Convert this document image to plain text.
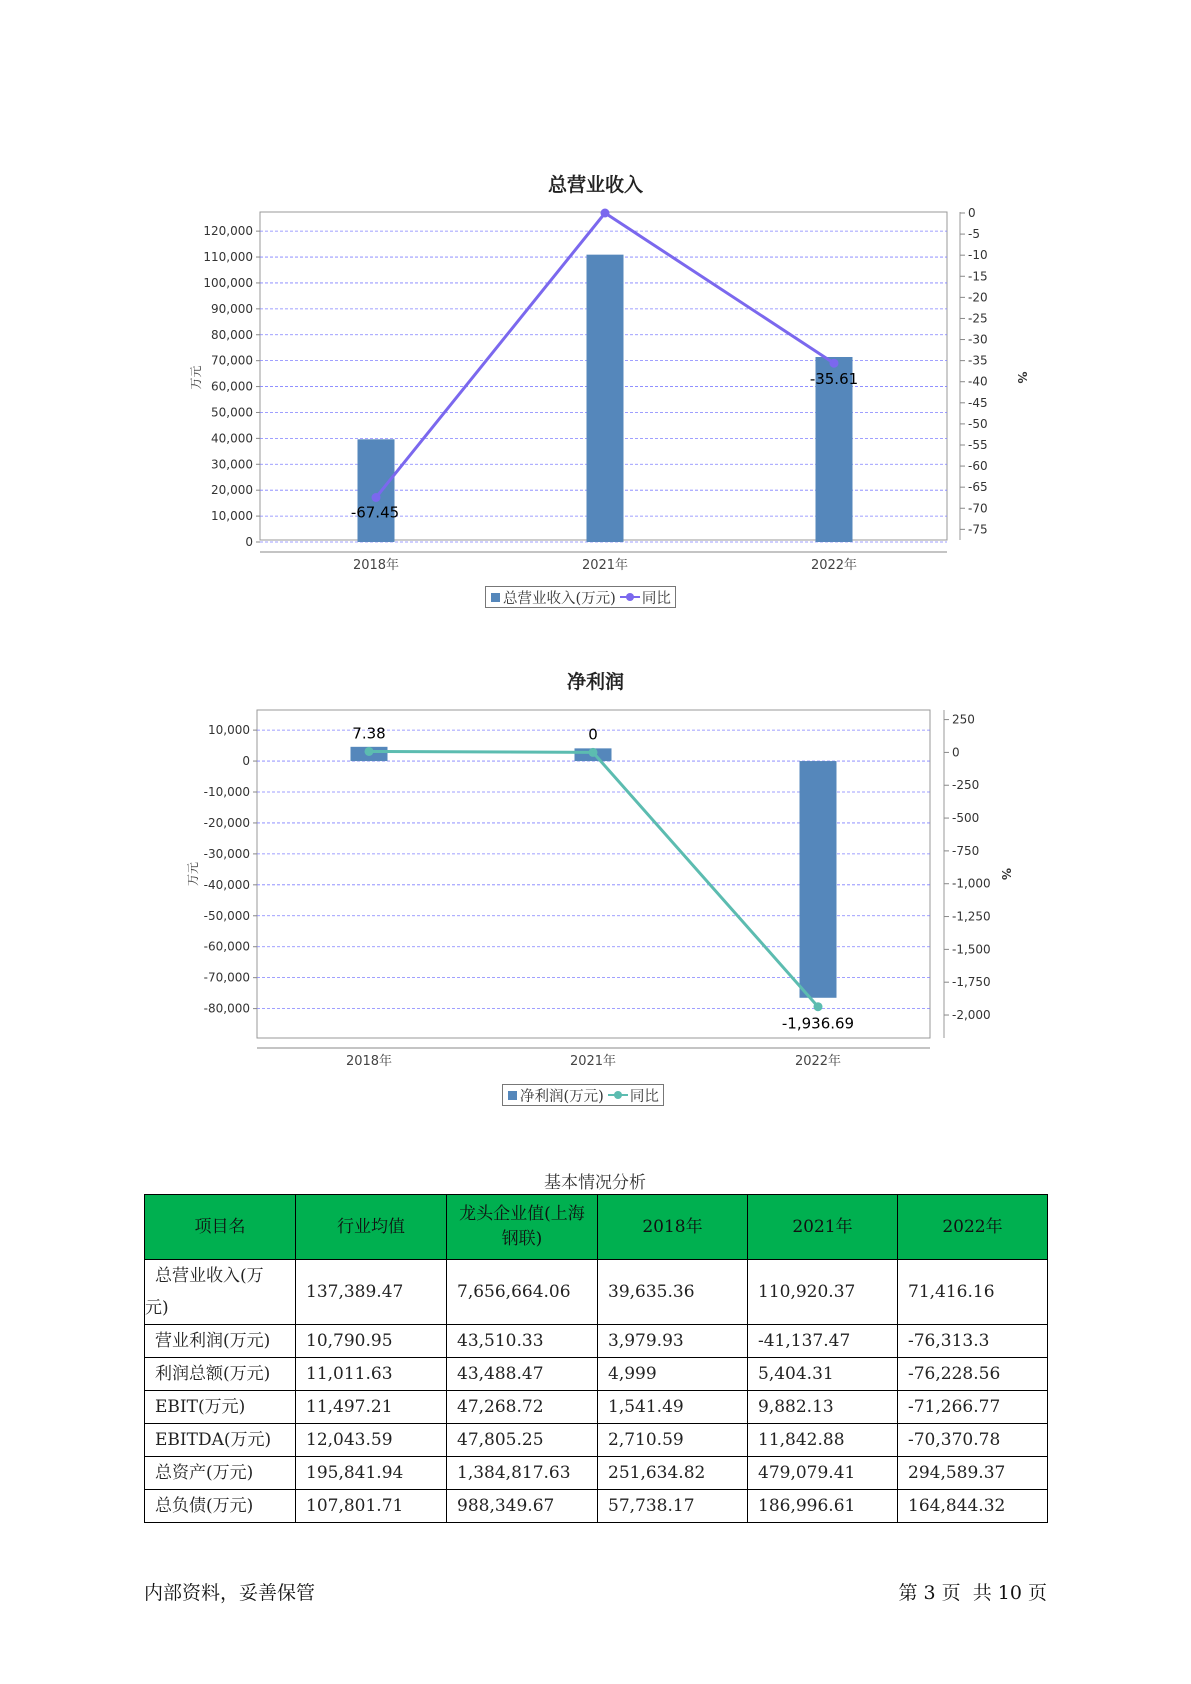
总营业收入
0
10,000
20,000
30,000
40,000
50,000
60,000
70,000
80,000
90,000
100,000
110,000
120,000
0
-5
-10
-15
-20
-25
-30
-35
-40
-45
-50
-55
-60
-65
-70
-75
万元	%
2018年	2021年	2022年
-67.45
-35.61
总营业收入(万元) 同比
净利润
10,000
0
-10,000
-20,000
-30,000
-40,000
-50,000
-60,000
-70,000
-80,000
250
0
-250
-500
-750
-1,000
-1,250
-1,500
-1,750
-2,000
万元	%
2018年	2021年	2022年
7.38	0
-1,936.69
净利润(万元) 同比
基本情况分析
项目名	行业均值	龙头企业值(上海钢联)	2018年	2021年	2022年

总营业收入(万
元)	137,389.47	7,656,664.06	39,635.36	110,920.37	71,416.16
营业利润(万元)	10,790.95	43,510.33	3,979.93	-41,137.47	-76,313.3
利润总额(万元)	11,011.63	43,488.47	4,999	5,404.31	-76,228.56
EBIT(万元)	11,497.21	47,268.72	1,541.49	9,882.13	-71,266.77
EBITDA(万元)	12,043.59	47,805.25	2,710.59	11,842.88	-70,370.78
总资产(万元)	195,841.94	1,384,817.63	251,634.82	479,079.41	294,589.37
总负债(万元)	107,801.71	988,349.67	57,738.17	186,996.61	164,844.32
内部资料，妥善保管	第 3 页  共 10 页
